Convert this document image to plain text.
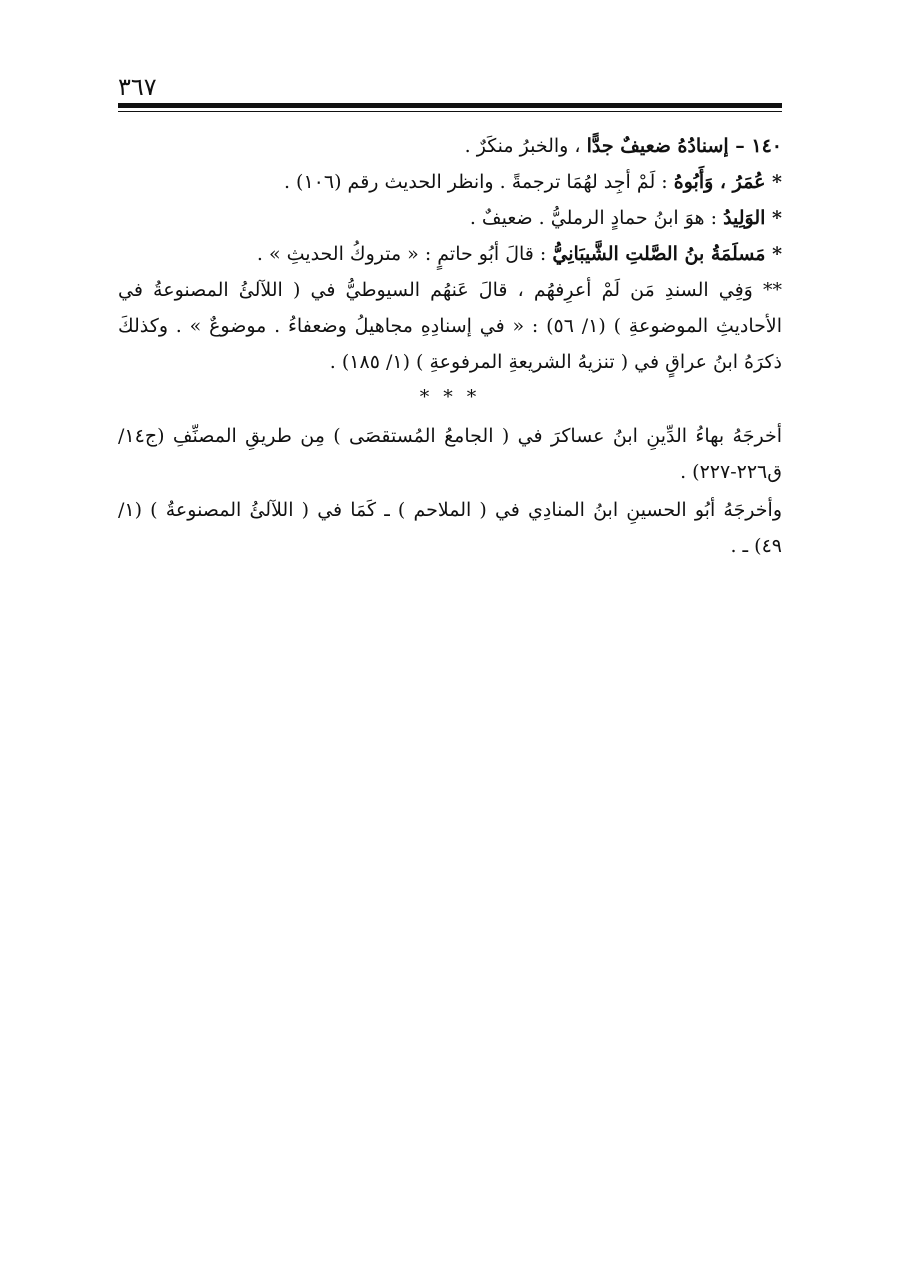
٣٦٧

١٤٠ – إسنادُهُ ضعيفٌ جدًّا ، والخبرُ منكَرٌ .

* عُمَرُ ، وَأَبُوهُ : لَمْ أجِد لهُمَا ترجمةً . وانظر الحديث رقم (١٠٦) .

* الوَلِيدُ : هوَ ابنُ حمادٍ الرمليُّ . ضعيفٌ .

* مَسلَمَةُ بنُ الصَّلتِ الشَّيبَانِيُّ : قالَ أبُو حاتمٍ : « متروكُ الحديثِ » .

** وَفِي السندِ مَن لَمْ أعرِفهُم ، قالَ عَنهُم السيوطيُّ في ( اللآلئُ المصنوعةُ في الأحاديثِ الموضوعةِ ) (١/ ٥٦) : « في إسنادِهِ مجاهيلُ وضعفاءُ . موضوعٌ » . وكذلكَ ذكرَهُ ابنُ عراقٍ في ( تنزيهُ الشريعةِ المرفوعةِ ) (١/ ١٨٥) .

* * *

أخرجَهُ بهاءُ الدِّينِ ابنُ عساكرَ في ( الجامعُ المُستقصَى ) مِن طريقِ المصنِّفِ (ج١٤/ ق٢٢٦-٢٢٧) .

وأخرجَهُ أبُو الحسينِ ابنُ المنادِي في ( الملاحم ) ـ كَمَا في ( اللآلئُ المصنوعةُ ) (١/ ٤٩) ـ .
